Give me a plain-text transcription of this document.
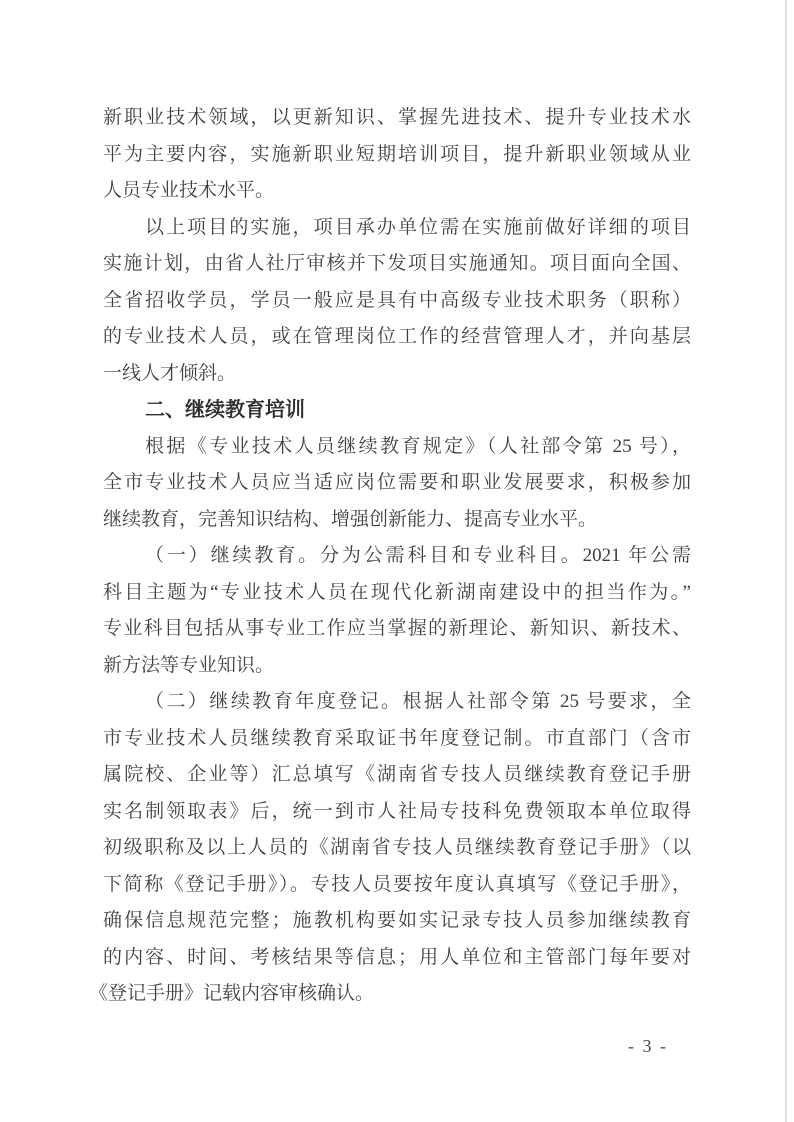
新职业技术领域，以更新知识、掌握先进技术、提升专业技术水
平为主要内容，实施新职业短期培训项目，提升新职业领域从业
人员专业技术水平。
以上项目的实施，项目承办单位需在实施前做好详细的项目
实施计划，由省人社厅审核并下发项目实施通知。项目面向全国、
全省招收学员，学员一般应是具有中高级专业技术职务（职称）
的专业技术人员，或在管理岗位工作的经营管理人才，并向基层
一线人才倾斜。
二、继续教育培训
根据《专业技术人员继续教育规定》（人社部令第 25 号），
全市专业技术人员应当适应岗位需要和职业发展要求，积极参加
继续教育，完善知识结构、增强创新能力、提高专业水平。
（一）继续教育。分为公需科目和专业科目。2021 年公需
科目主题为“专业技术人员在现代化新湖南建设中的担当作为。”
专业科目包括从事专业工作应当掌握的新理论、新知识、新技术、
新方法等专业知识。
（二）继续教育年度登记。根据人社部令第 25 号要求，全
市专业技术人员继续教育采取证书年度登记制。市直部门（含市
属院校、企业等）汇总填写《湖南省专技人员继续教育登记手册
实名制领取表》后，统一到市人社局专技科免费领取本单位取得
初级职称及以上人员的《湖南省专技人员继续教育登记手册》（以
下简称《登记手册》）。专技人员要按年度认真填写《登记手册》，
确保信息规范完整；施教机构要如实记录专技人员参加继续教育
的内容、时间、考核结果等信息；用人单位和主管部门每年要对
《登记手册》记载内容审核确认。
- 3 -
